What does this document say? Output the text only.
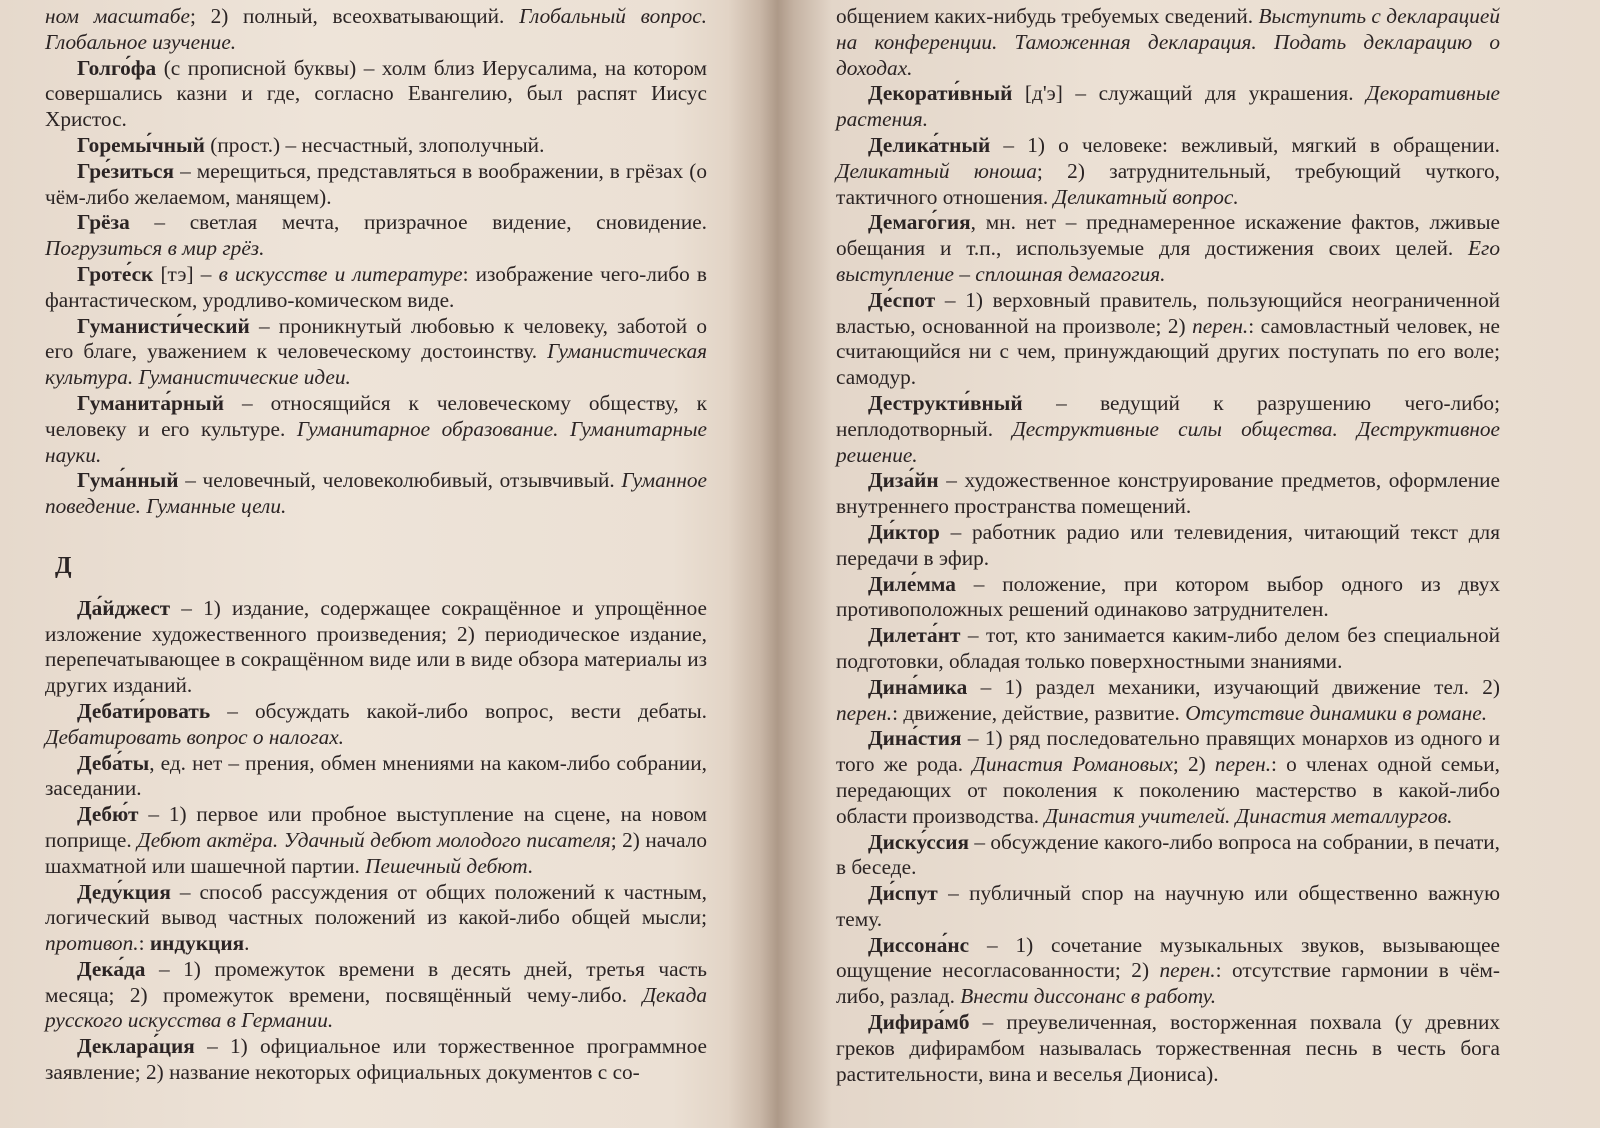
ном масштабе; 2) полный, всеохватывающий. Глобальный вопрос. Глобальное изучение.

Голго́фа (с прописной буквы) – холм близ Иерусалима, на котором совершались казни и где, согласно Евангелию, был распят Иисус Христос.

Горемы́чный (прост.) – несчастный, злополучный.

Гре́зиться – мерещиться, представляться в воображении, в грёзах (о чём-либо желаемом, манящем).

Грёза – светлая мечта, призрачное видение, сновидение. Погрузиться в мир грёз.

Гроте́ск [тэ] – в искусстве и литературе: изображение чего-либо в фантастическом, уродливо-комическом виде.

Гуманисти́ческий – проникнутый любовью к человеку, заботой о его благе, уважением к человеческому достоинству. Гуманистическая культура. Гуманистические идеи.

Гуманита́рный – относящийся к человеческому обществу, к человеку и его культуре. Гуманитарное образование. Гуманитарные науки.

Гума́нный – человечный, человеколюбивый, отзывчивый. Гуманное поведение. Гуманные цели.

Д

Да́йджест – 1) издание, содержащее сокращённое и упрощённое изложение художественного произведения; 2) периодическое издание, перепечатывающее в сокращённом виде или в виде обзора материалы из других изданий.

Дебати́ровать – обсуждать какой-либо вопрос, вести дебаты. Дебатировать вопрос о налогах.

Деба́ты, ед. нет – прения, обмен мнениями на каком-либо собрании, заседании.

Дебю́т – 1) первое или пробное выступление на сцене, на новом поприще. Дебют актёра. Удачный дебют молодого писателя; 2) начало шахматной или шашечной партии. Пешечный дебют.

Деду́кция – способ рассуждения от общих положений к частным, логический вывод частных положений из какой-либо общей мысли; противоп.: индукция.

Дека́да – 1) промежуток времени в десять дней, третья часть месяца; 2) промежуток времени, посвящённый чему-либо. Декада русского искусства в Германии.

Деклара́ция – 1) официальное или торжественное программное заявление; 2) название некоторых официальных документов с со-

общением каких-нибудь требуемых сведений. Выступить с декларацией на конференции. Таможенная декларация. Подать декларацию о доходах.

Декорати́вный [д'э] – служащий для украшения. Декоративные растения.

Делика́тный – 1) о человеке: вежливый, мягкий в обращении. Деликатный юноша; 2) затруднительный, требующий чуткого, тактичного отношения. Деликатный вопрос.

Демаго́гия, мн. нет – преднамеренное искажение фактов, лживые обещания и т.п., используемые для достижения своих целей. Его выступление – сплошная демагогия.

Де́спот – 1) верховный правитель, пользующийся неограниченной властью, основанной на произволе; 2) перен.: самовластный человек, не считающийся ни с чем, принуждающий других поступать по его воле; самодур.

Деструкти́вный – ведущий к разрушению чего-либо; неплодотворный. Деструктивные силы общества. Деструктивное решение.

Диза́йн – художественное конструирование предметов, оформление внутреннего пространства помещений.

Ди́ктор – работник радио или телевидения, читающий текст для передачи в эфир.

Диле́мма – положение, при котором выбор одного из двух противоположных решений одинаково затруднителен.

Дилета́нт – тот, кто занимается каким-либо делом без специальной подготовки, обладая только поверхностными знаниями.

Дина́мика – 1) раздел механики, изучающий движение тел. 2) перен.: движение, действие, развитие. Отсутствие динамики в романе.

Дина́стия – 1) ряд последовательно правящих монархов из одного и того же рода. Династия Романовых; 2) перен.: о членах одной семьи, передающих от поколения к поколению мастерство в какой-либо области производства. Династия учителей. Династия металлургов.

Диску́ссия – обсуждение какого-либо вопроса на собрании, в печати, в беседе.

Ди́спут – публичный спор на научную или общественно важную тему.

Диссона́нс – 1) сочетание музыкальных звуков, вызывающее ощущение несогласованности; 2) перен.: отсутствие гармонии в чём-либо, разлад. Внести диссонанс в работу.

Дифира́мб – преувеличенная, восторженная похвала (у древних греков дифирамбом называлась торжественная песнь в честь бога растительности, вина и веселья Диониса).
